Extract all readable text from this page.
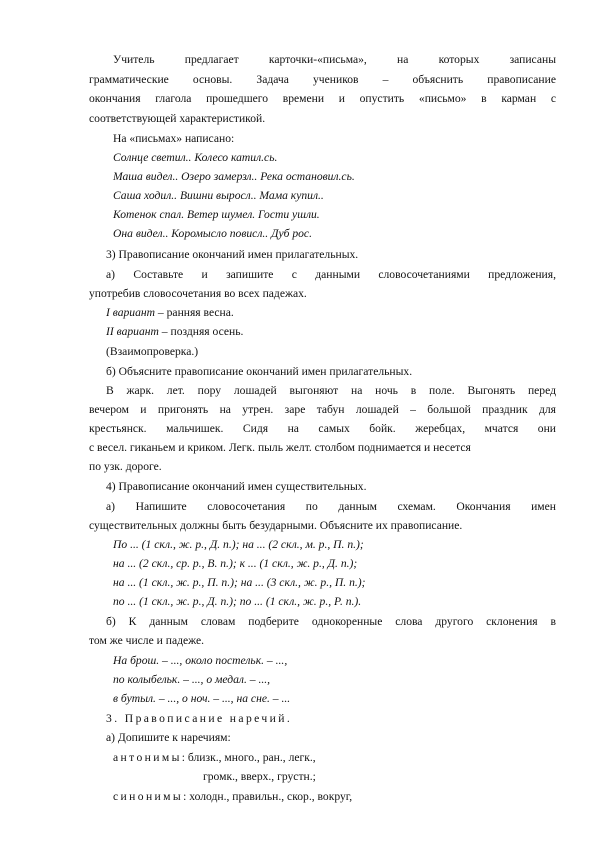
Учитель предлагает карточки-«письма», на которых записаны
грамматические основы. Задача учеников – объяснить правописание
окончания глагола прошедшего времени и опустить «письмо» в карман с
соответствующей характеристикой.
На «письмах» написано:
Солнце светил.. Колесо катил.сь.
Маша видел.. Озеро замерзл.. Река остановил.сь.
Саша ходил.. Вишни выросл.. Мама купил..
Котенок спал. Ветер шумел. Гости ушли.
Она видел.. Коромысло повисл.. Дуб рос.
3) Правописание окончаний имен прилагательных.
а) Составьте и запишите с данными словосочетаниями предложения,
употребив словосочетания во всех падежах.
I вариант – ранняя весна.
II вариант – поздняя осень.
(Взаимопроверка.)
б) Объясните правописание окончаний имен прилагательных.
В жарк. лет. пору лошадей выгоняют на ночь в поле. Выгонять перед
вечером и пригонять на утрен. заре табун лошадей – большой праздник для
крестьянск. мальчишек. Сидя на самых бойк. жеребцах, мчатся они
с весел. гиканьем и криком. Легк. пыль желт. столбом поднимается и несется
по узк. дороге.
4) Правописание окончаний имен существительных.
а) Напишите словосочетания по данным схемам. Окончания имен
существительных должны быть безударными. Объясните их правописание.
По ... (1 скл., ж. р., Д. п.); на ... (2 скл., м. р., П. п.);
на ... (2 скл., ср. р., В. п.); к ... (1 скл., ж. р., Д. п.);
на ... (1 скл., ж. р., П. п.); на ... (3 скл., ж. р., П. п.);
по ... (1 скл., ж. р., Д. п.); по ... (1 скл., ж. р., Р. п.).
б) К данным словам подберите однокоренные слова другого склонения в
том же числе и падеже.
На брош. – ..., около постельк. – ...,
по колыбельк. – ..., о медал. – ...,
в бутыл. – ..., о ноч. – ..., на сне. – ...
3. Правописание наречий.
а) Допишите к наречиям:
антонимы: близк., много., ран., легк.,
громк., вверх., грустн.;
синонимы: холодн., правильн., скор., вокруг,
